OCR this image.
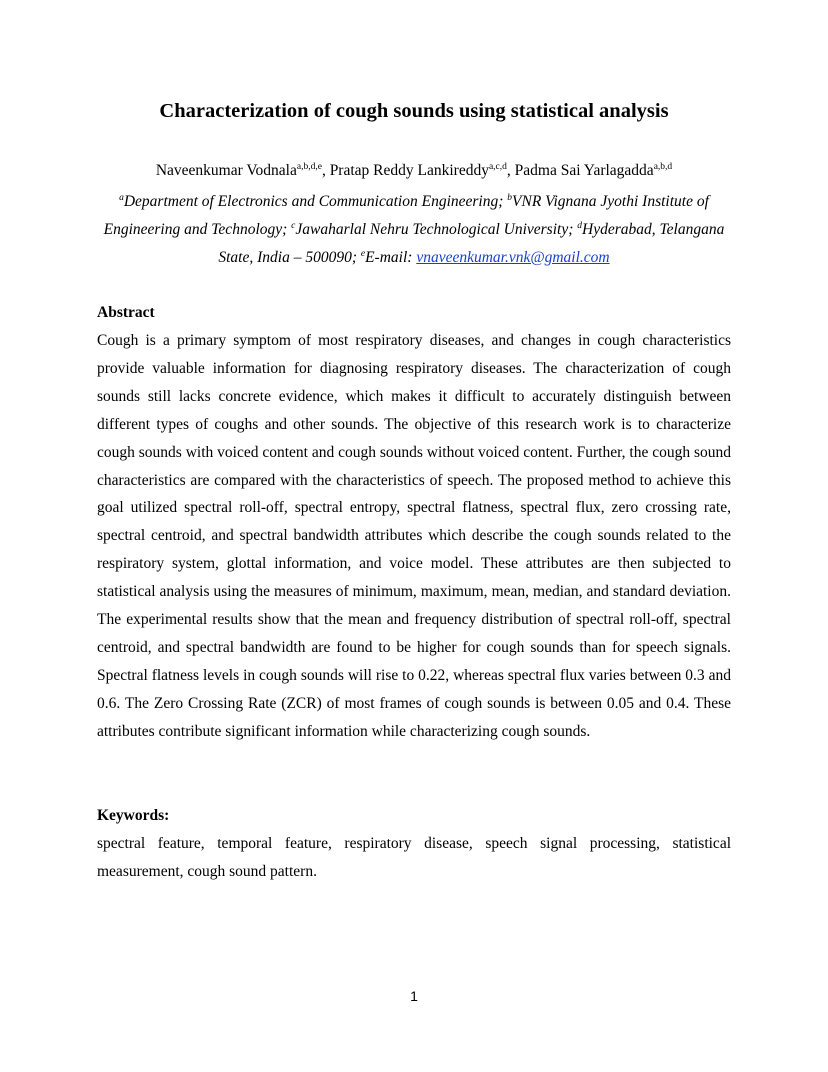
Characterization of cough sounds using statistical analysis
Naveenkumar Vodnala$^{a,b,d,e}$, Pratap Reddy Lankireddy$^{a,c,d}$, Padma Sai Yarlagadda$^{a,b,d}$
$^a$Department of Electronics and Communication Engineering; $^b$VNR Vignana Jyothi Institute of Engineering and Technology; $^c$Jawaharlal Nehru Technological University; $^d$Hyderabad, Telangana State, India – 500090; $^e$E-mail: vnaveenkumar.vnk@gmail.com
Abstract
Cough is a primary symptom of most respiratory diseases, and changes in cough characteristics provide valuable information for diagnosing respiratory diseases. The characterization of cough sounds still lacks concrete evidence, which makes it difficult to accurately distinguish between different types of coughs and other sounds. The objective of this research work is to characterize cough sounds with voiced content and cough sounds without voiced content. Further, the cough sound characteristics are compared with the characteristics of speech. The proposed method to achieve this goal utilized spectral roll-off, spectral entropy, spectral flatness, spectral flux, zero crossing rate, spectral centroid, and spectral bandwidth attributes which describe the cough sounds related to the respiratory system, glottal information, and voice model. These attributes are then subjected to statistical analysis using the measures of minimum, maximum, mean, median, and standard deviation. The experimental results show that the mean and frequency distribution of spectral roll-off, spectral centroid, and spectral bandwidth are found to be higher for cough sounds than for speech signals. Spectral flatness levels in cough sounds will rise to 0.22, whereas spectral flux varies between 0.3 and 0.6. The Zero Crossing Rate (ZCR) of most frames of cough sounds is between 0.05 and 0.4. These attributes contribute significant information while characterizing cough sounds.
Keywords:
spectral feature, temporal feature, respiratory disease, speech signal processing, statistical measurement, cough sound pattern.
1
